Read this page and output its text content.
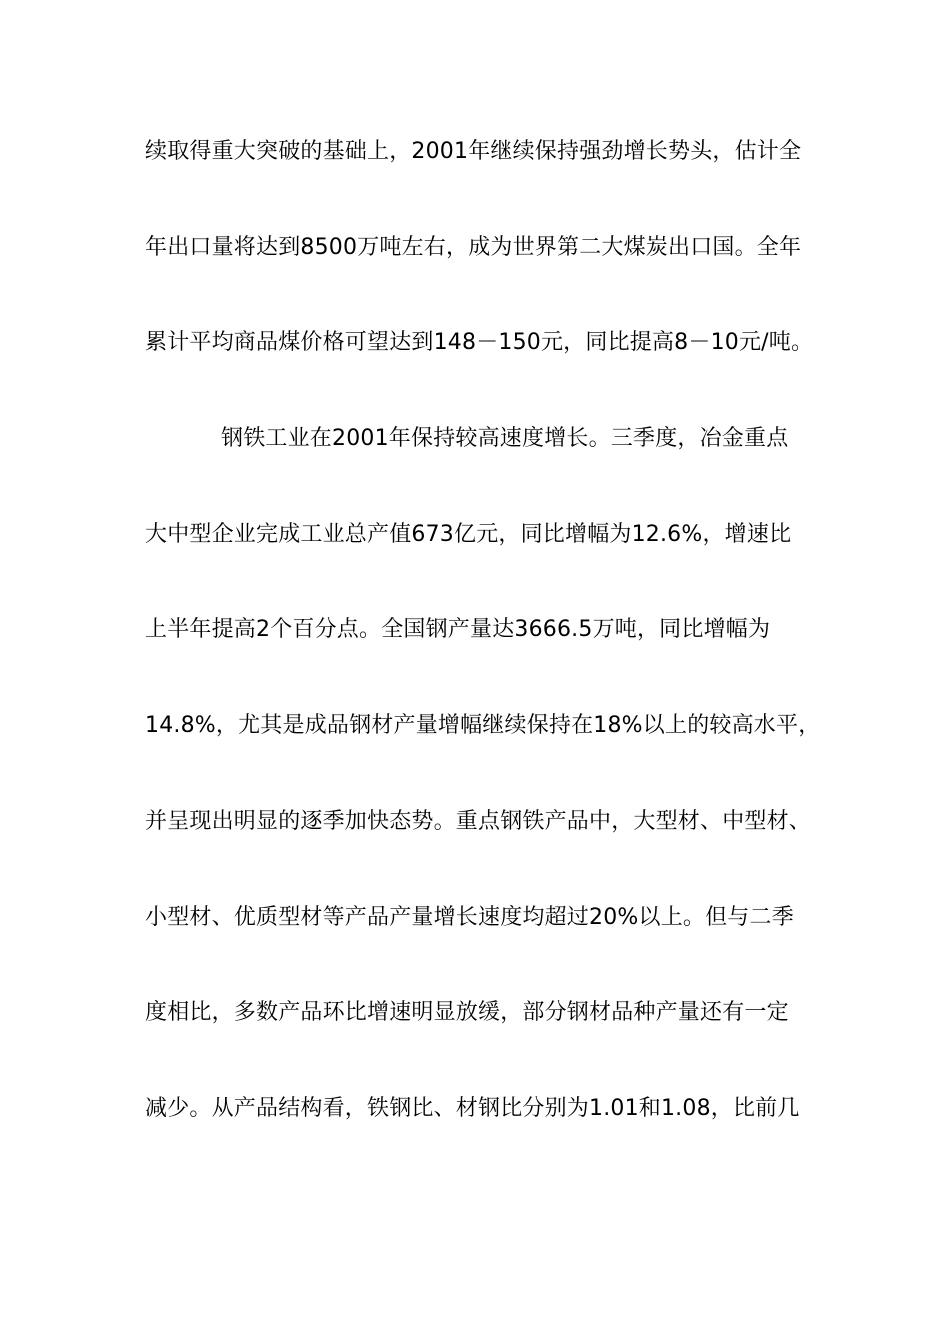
续取得重大突破的基础上，2001年继续保持强劲增长势头，估计全
年出口量将达到8500万吨左右，成为世界第二大煤炭出口国。全年
累计平均商品煤价格可望达到148－150元，同比提高8－10元/吨。
钢铁工业在2001年保持较高速度增长。三季度，冶金重点
大中型企业完成工业总产值673亿元，同比增幅为12.6%，增速比
上半年提高2个百分点。全国钢产量达3666.5万吨，同比增幅为
14.8%，尤其是成品钢材产量增幅继续保持在18%以上的较高水平，
并呈现出明显的逐季加快态势。重点钢铁产品中，大型材、中型材、
小型材、优质型材等产品产量增长速度均超过20%以上。但与二季
度相比，多数产品环比增速明显放缓，部分钢材品种产量还有一定
减少。从产品结构看，铁钢比、材钢比分别为1.01和1.08，比前几
